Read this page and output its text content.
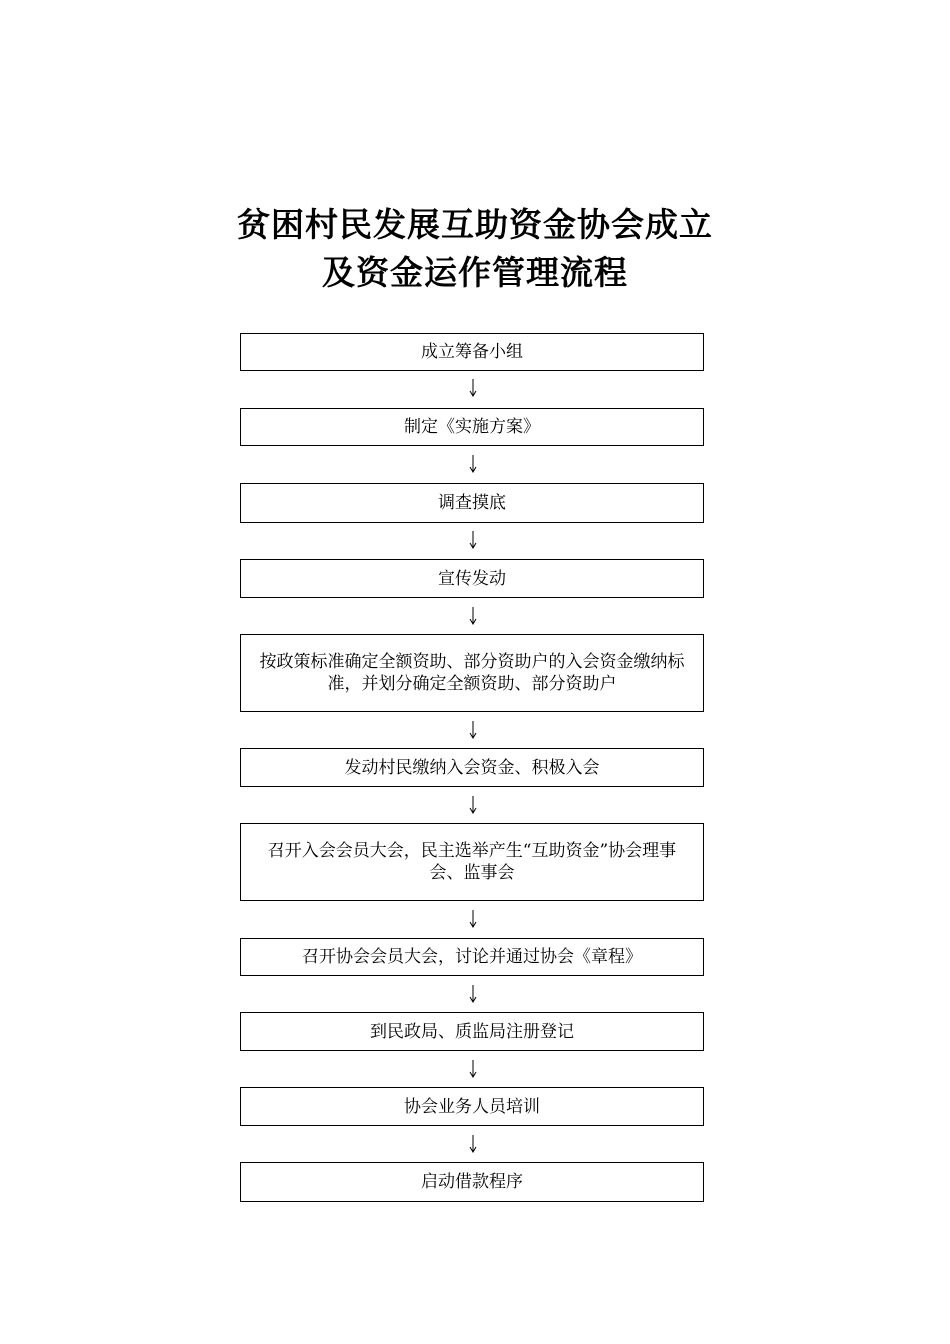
贫困村民发展互助资金协会成立
及资金运作管理流程
成立筹备小组
制定《实施方案》
调查摸底
宣传发动
按政策标准确定全额资助、部分资助户的入会资金缴纳标准，并划分确定全额资助、部分资助户
发动村民缴纳入会资金、积极入会
召开入会会员大会，民主选举产生“互助资金”协会理事会、监事会
召开协会会员大会，讨论并通过协会《章程》
到民政局、质监局注册登记
协会业务人员培训
启动借款程序
